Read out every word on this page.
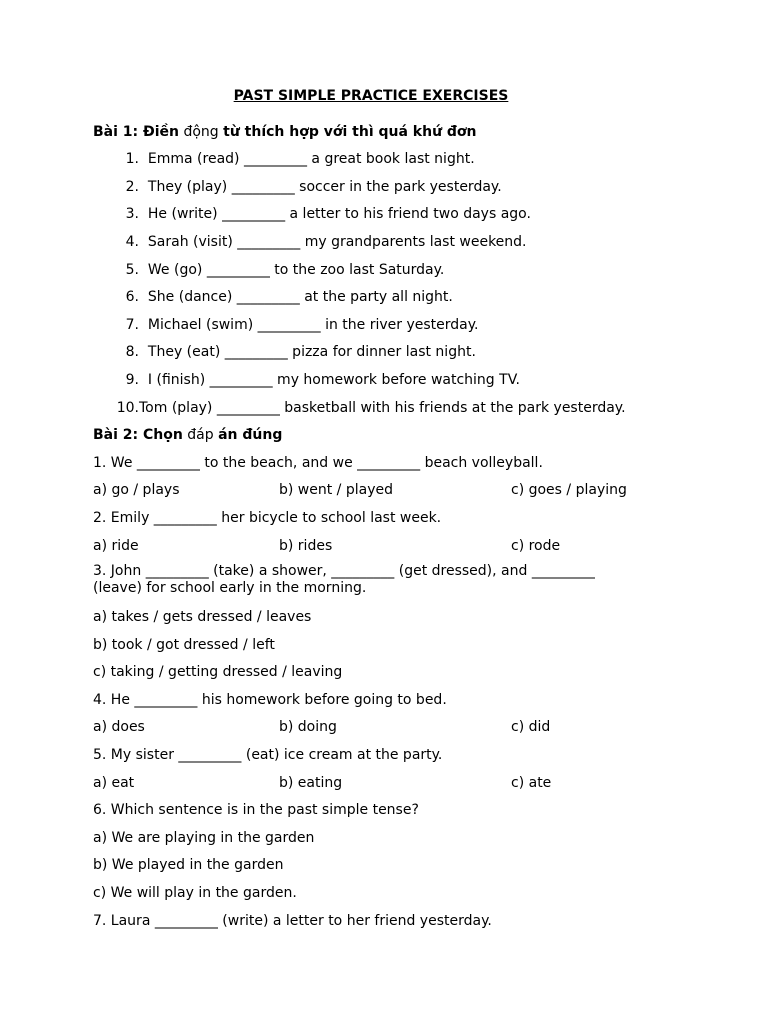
PAST SIMPLE PRACTICE EXERCISES
Bài 1: Điền động từ thích hợp với thì quá khứ đơn
1.
Emma (read) _________ a great book last night.
2.
They (play) _________ soccer in the park yesterday.
3.
He (write) _________ a letter to his friend two days ago.
4.
Sarah (visit) _________ my grandparents last weekend.
5.
We (go) _________ to the zoo last Saturday.
6.
She (dance) _________ at the party all night.
7.
Michael (swim) _________ in the river yesterday.
8.
They (eat) _________ pizza for dinner last night.
9.
I (finish) _________ my homework before watching TV.
10. Tom (play) _________ basketball with his friends at the park yesterday.
Bài 2: Chọn đáp án đúng
1. We _________ to the beach, and we _________ beach volleyball.
a) go / plays	b) went / played	c) goes / playing
2. Emily _________ her bicycle to school last week.
a) ride	b) rides	c) rode
3. John _________ (take) a shower, _________ (get dressed), and _________ (leave) for school early in the morning.
a) takes / gets dressed / leaves
b) took / got dressed / left
c) taking / getting dressed / leaving
4. He _________ his homework before going to bed.
a) does	b) doing	c) did
5. My sister _________ (eat) ice cream at the party.
a) eat	b) eating	c) ate
6. Which sentence is in the past simple tense?
a) We are playing in the garden
b) We played in the garden
c) We will play in the garden.
7. Laura _________ (write) a letter to her friend yesterday.
